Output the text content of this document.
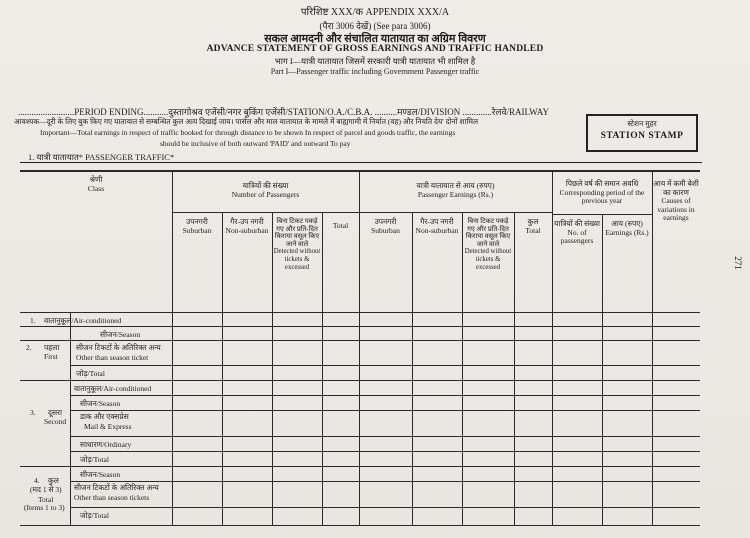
परिशिष्ट XXX/क APPENDIX XXX/A
(पैरा 3006 देखें) (See para 3006)
सकल आमदनी और संचालित यातायात का अग्रिम विवरण
ADVANCE STATEMENT OF GROSS EARNINGS AND TRAFFIC HANDLED
भाग I—यात्री यातायात जिसमें सरकारी यात्री यातायात भी शामिल है
Part I—Passenger traffic including Government Passenger traffic
.........................PERIOD ENDING...........दुस्तागोश्रव एजेंसी/नगर बुकिंग एजेंसी/STATION/O.A./C.B.A. ..........मण्डल/DIVISION .............रेलवे/RAILWAY
आवश्यक—दूरी के लिए बुक किए गए यातायात से सम्बन्धित कुल आय दिखाई जाय। पार्सल और माल यातायात के मामले में बाह्यगामी में निर्यात (वह) और नियति देय' दोनों शामिल
Important—Total earnings in respect of traffic booked for through distance to be shown In respect of parcel and goods traffic, the earnings
should be inclusive of both outward 'PAID' and outward To pay
स्टेशन मुहर
STATION STAMP
1. यात्री यातायात* PASSENGER TRAFFIC*
श्रेणी
Class	यात्रियों की संख्या
Number of Passengers
यात्री यातायात से आय (रुपए)
Passenger Earnings (Rs.)
पिछले वर्ष की समान अवधि
Corresponding period of the previous year
आय में कमी बेशी का कारण
Causes of variations in earnings
उपनगरी
Suburban
गैर-उप नगरी
Non-suburban
बिना टिकट पकड़े गए और प्रति-दित किराया वसूल किए जाने वाले
Detected without tickets & excessed
Total	उपनगरी
Suburban
गैर-उप नगरी
Non-suburban
बिना टिकट पकड़े गए और प्रति-दित किराया वसूल किए जाने वाले
Detected without tickets & excessed
कुल
Total
यात्रियों की संख्या
No. of passengers
आय (रुपए)
Earnings (Rs.)
1. वातानुकूल/Air-conditioned
सीजन/Season
2. पहला
First
सीजन टिकटों के अतिरिक्त अन्य
Other than season ticket
जोड़/Total
वातानुकूल/Air-conditioned
3. दूसरा
Second
सीजन/Season
डाक और एक्सप्रेस
Mail & Express
साधारण/Ordinary
जोड़/Total
सीजन/Season
4. कुल
(मद 1 से 3)
Total
(Items 1 to 3)
सीजन टिकटों के अतिरिक्त अन्य
Other than season tickets
जोड़/Total
271
